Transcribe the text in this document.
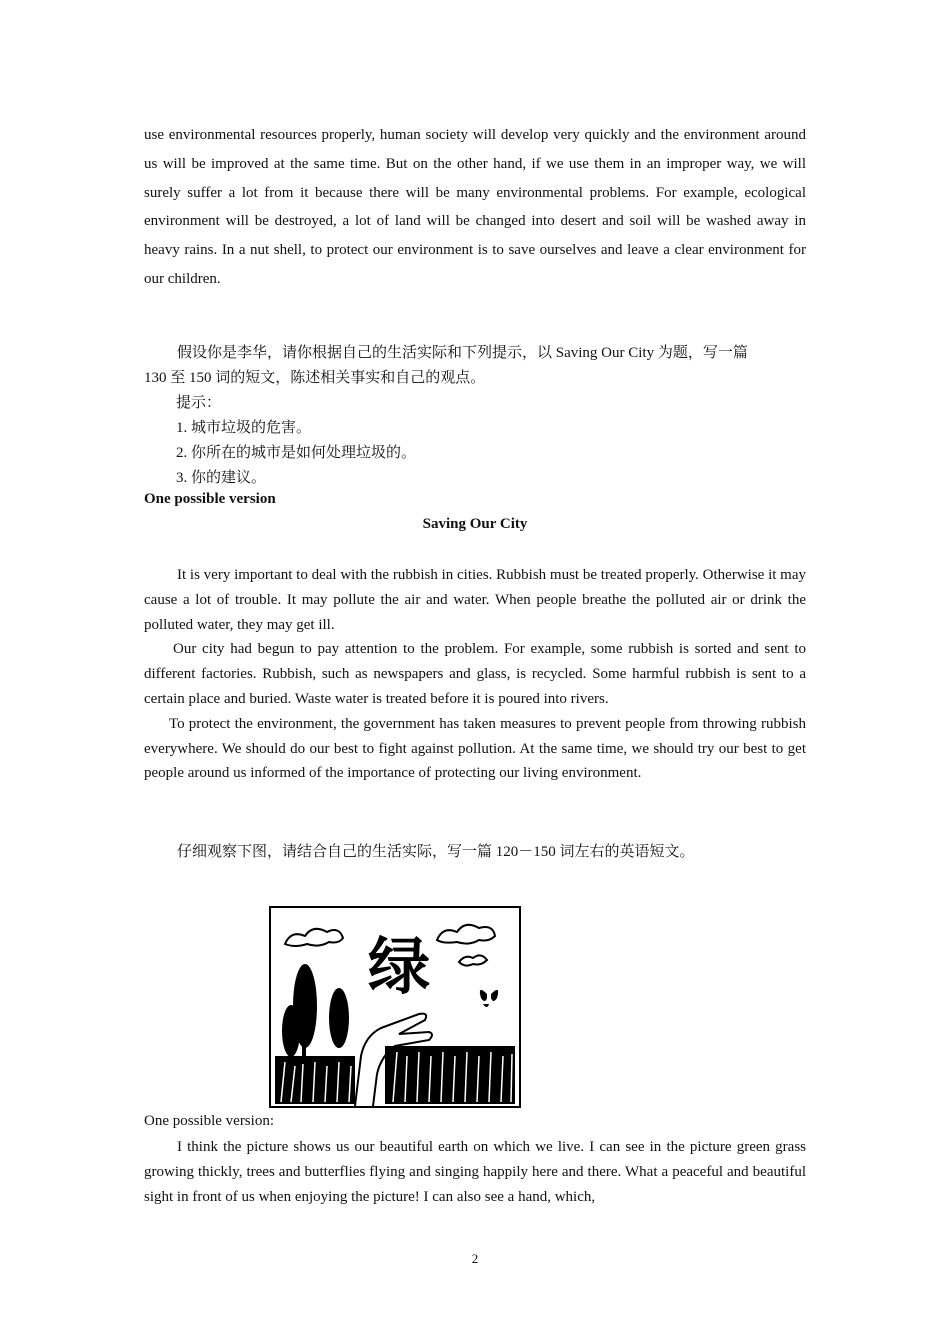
use environmental resources properly, human society will develop very quickly and the environment around us will be improved at the same time. But on the other hand, if we use them in an improper way, we will surely suffer a lot from it because there will be many environmental problems. For example, ecological environment will be destroyed, a lot of land will be changed into desert and soil will be washed away in heavy rains. In a nut shell, to protect our environment is to save ourselves and leave a clear environment for our children.
假设你是李华，请你根据自己的生活实际和下列提示，以 Saving Our City 为题，写一篇
130 至 150 词的短文，陈述相关事实和自己的观点。
提示：
1. 城市垃圾的危害。
2. 你所在的城市是如何处理垃圾的。
3. 你的建议。
One possible version
Saving Our City
It is very important to deal with the rubbish in cities. Rubbish must be treated properly. Otherwise it may cause a lot of trouble. It may pollute the air and water. When people breathe the polluted air or drink the polluted water, they may get ill.
Our city had begun to pay attention to the problem. For example, some rubbish is sorted and sent to different factories. Rubbish, such as newspapers and glass, is recycled. Some harmful rubbish is sent to a certain place and buried. Waste water is treated before it is poured into rivers.
To protect the environment, the government has taken measures to prevent people from throwing rubbish everywhere. We should do our best to fight against pollution. At the same time, we should try our best to get people around us informed of the importance of protecting our living environment.
仔细观察下图，请结合自己的生活实际，写一篇 120－150 词左右的英语短文。
绿
One possible version:
I think the picture shows us our beautiful earth on which we live. I can see in the picture green grass growing thickly, trees and butterflies flying and singing happily here and there. What a peaceful and beautiful sight in front of us when enjoying the picture! I can also see a hand, which,
2
